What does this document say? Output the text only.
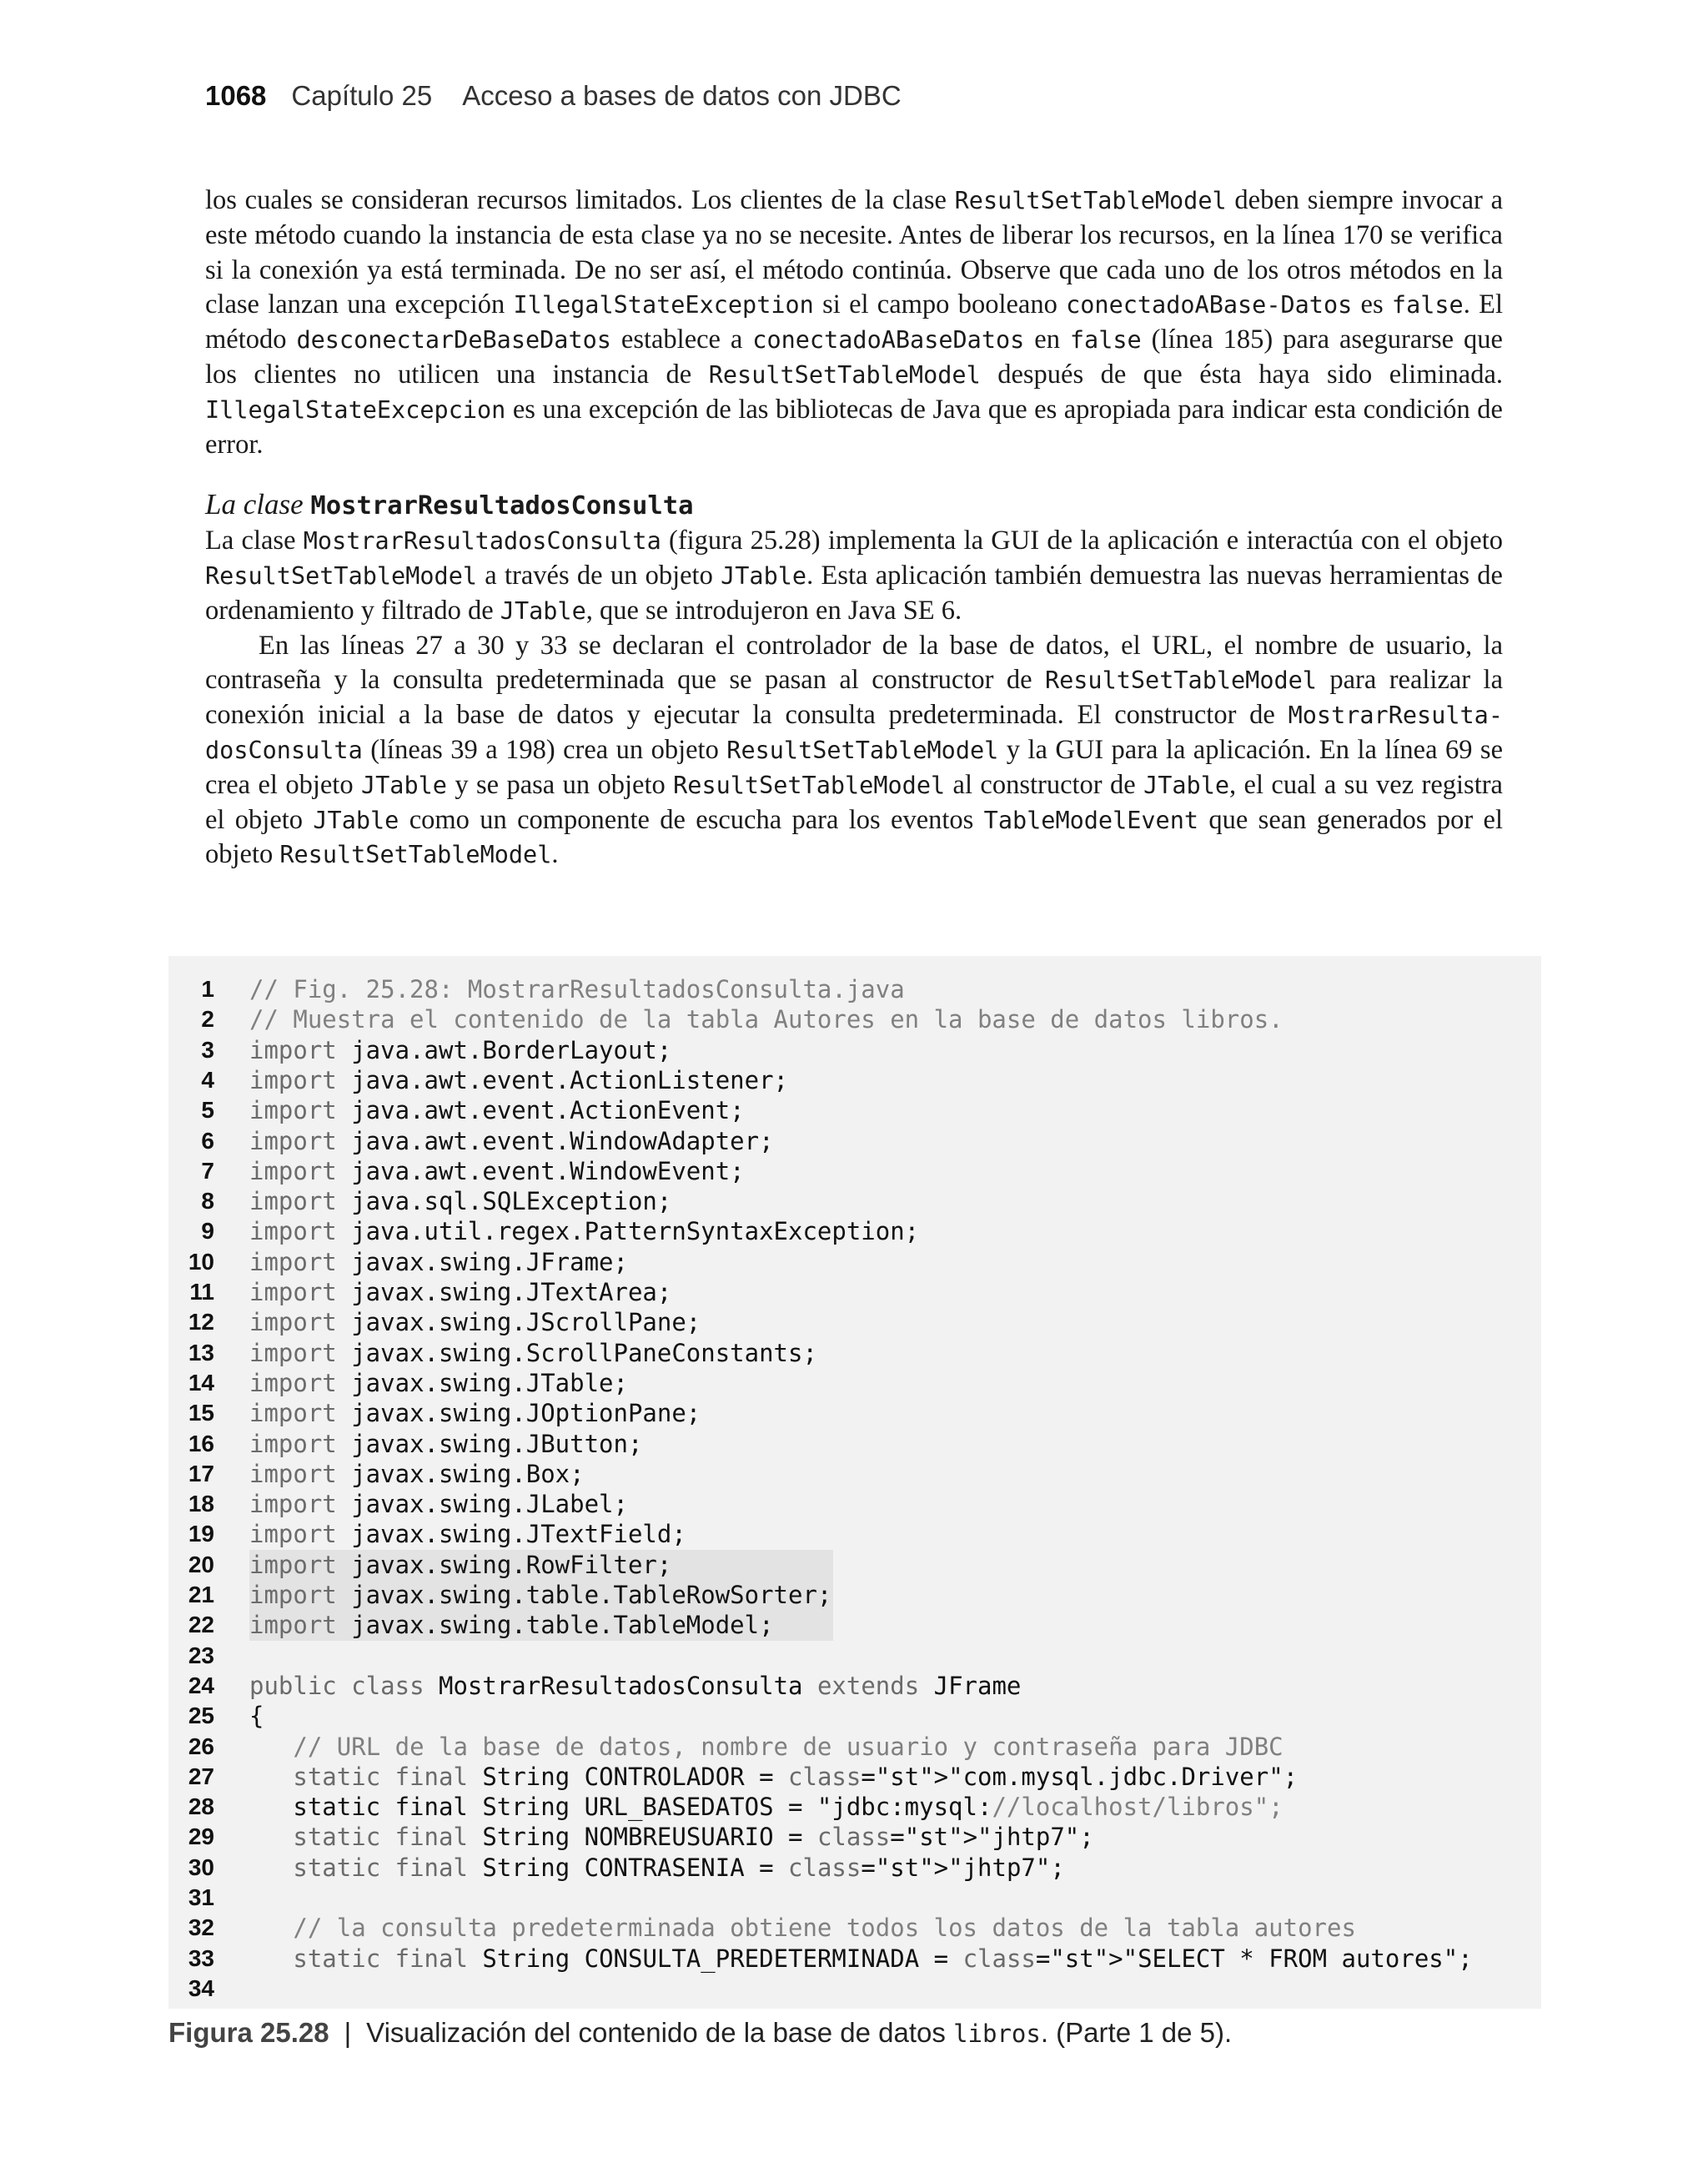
1068 Capítulo 25 Acceso a bases de datos con JDBC

los cuales se consideran recursos limitados. Los clientes de la clase ResultSetTableModel deben siempre invocar a este método cuando la instancia de esta clase ya no se necesite. Antes de liberar los recursos, en la línea 170 se verifica si la conexión ya está terminada. De no ser así, el método continúa. Observe que cada uno de los otros métodos en la clase lanzan una excepción IllegalStateException si el campo booleano conectadoABase-Datos es false. El método desconectarDeBaseDatos establece a conectadoABaseDatos en false (línea 185) para asegurarse que los clientes no utilicen una instancia de ResultSetTableModel después de que ésta haya sido eliminada. IllegalStateExcepcion es una excepción de las bibliotecas de Java que es apropiada para indicar esta condición de error.

La clase MostrarResultadosConsulta

La clase MostrarResultadosConsulta (figura 25.28) implementa la GUI de la aplicación e interactúa con el objeto ResultSetTableModel a través de un objeto JTable. Esta aplicación también demuestra las nuevas herramientas de ordenamiento y filtrado de JTable, que se introdujeron en Java SE 6.

En las líneas 27 a 30 y 33 se declaran el controlador de la base de datos, el URL, el nombre de usuario, la contraseña y la consulta predeterminada que se pasan al constructor de ResultSetTableModel para realizar la conexión inicial a la base de datos y ejecutar la consulta predeterminada. El constructor de MostrarResulta-dosConsulta (líneas 39 a 198) crea un objeto ResultSetTableModel y la GUI para la aplicación. En la línea 69 se crea el objeto JTable y se pasa un objeto ResultSetTableModel al constructor de JTable, el cual a su vez registra el objeto JTable como un componente de escucha para los eventos TableModelEvent que sean generados por el objeto ResultSetTableModel.

1 // Fig. 25.28: MostrarResultadosConsulta.java
2 // Muestra el contenido de la tabla Autores en la base de datos libros.
3 import java.awt.BorderLayout;
4 import java.awt.event.ActionListener;
5 import java.awt.event.ActionEvent;
6 import java.awt.event.WindowAdapter;
7 import java.awt.event.WindowEvent;
8 import java.sql.SQLException;
9 import java.util.regex.PatternSyntaxException;
10 import javax.swing.JFrame;
11 import javax.swing.JTextArea;
12 import javax.swing.JScrollPane;
13 import javax.swing.ScrollPaneConstants;
14 import javax.swing.JTable;
15 import javax.swing.JOptionPane;
16 import javax.swing.JButton;
17 import javax.swing.Box;
18 import javax.swing.JLabel;
19 import javax.swing.JTextField;
20 import javax.swing.RowFilter;
21 import javax.swing.table.TableRowSorter;
22 import javax.swing.table.TableModel;
23
24 public class MostrarResultadosConsulta extends JFrame
25 {
26	// URL de la base de datos, nombre de usuario y contraseña para JDBC
27	static final String CONTROLADOR = class="st">"com.mysql.jdbc.Driver";
28 static final String URL_BASEDATOS = "jdbc:mysql://localhost/libros";
29	static final String NOMBREUSUARIO = class="st">"jhtp7";
30	static final String CONTRASENIA = class="st">"jhtp7";
31
32	// la consulta predeterminada obtiene todos los datos de la tabla autores
33	static final String CONSULTA_PREDETERMINADA = class="st">"SELECT * FROM autores";
34
Figura 25.28 | Visualización del contenido de la base de datos libros. (Parte 1 de 5).
